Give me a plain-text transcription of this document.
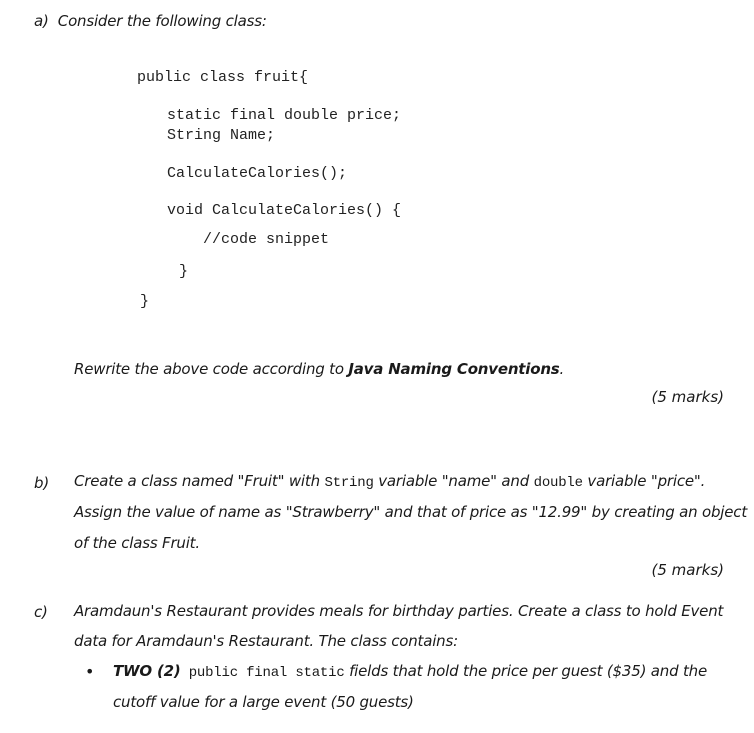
a) Consider the following class:
public class fruit{
static final double price;
String Name;
CalculateCalories();
void CalculateCalories() {
//code snippet
}
}
Rewrite the above code according to Java Naming Conventions.
(5 marks)
b) Create a class named "Fruit" with String variable "name" and double variable "price".
Assign the value of name as "Strawberry" and that of price as "12.99" by creating an object
of the class Fruit.
(5 marks)
c) Aramdaun's Restaurant provides meals for birthday parties. Create a class to hold Event
data for Aramdaun's Restaurant. The class contains:
• TWO (2) public final static fields that hold the price per guest ($35) and the
cutoff value for a large event (50 guests)
